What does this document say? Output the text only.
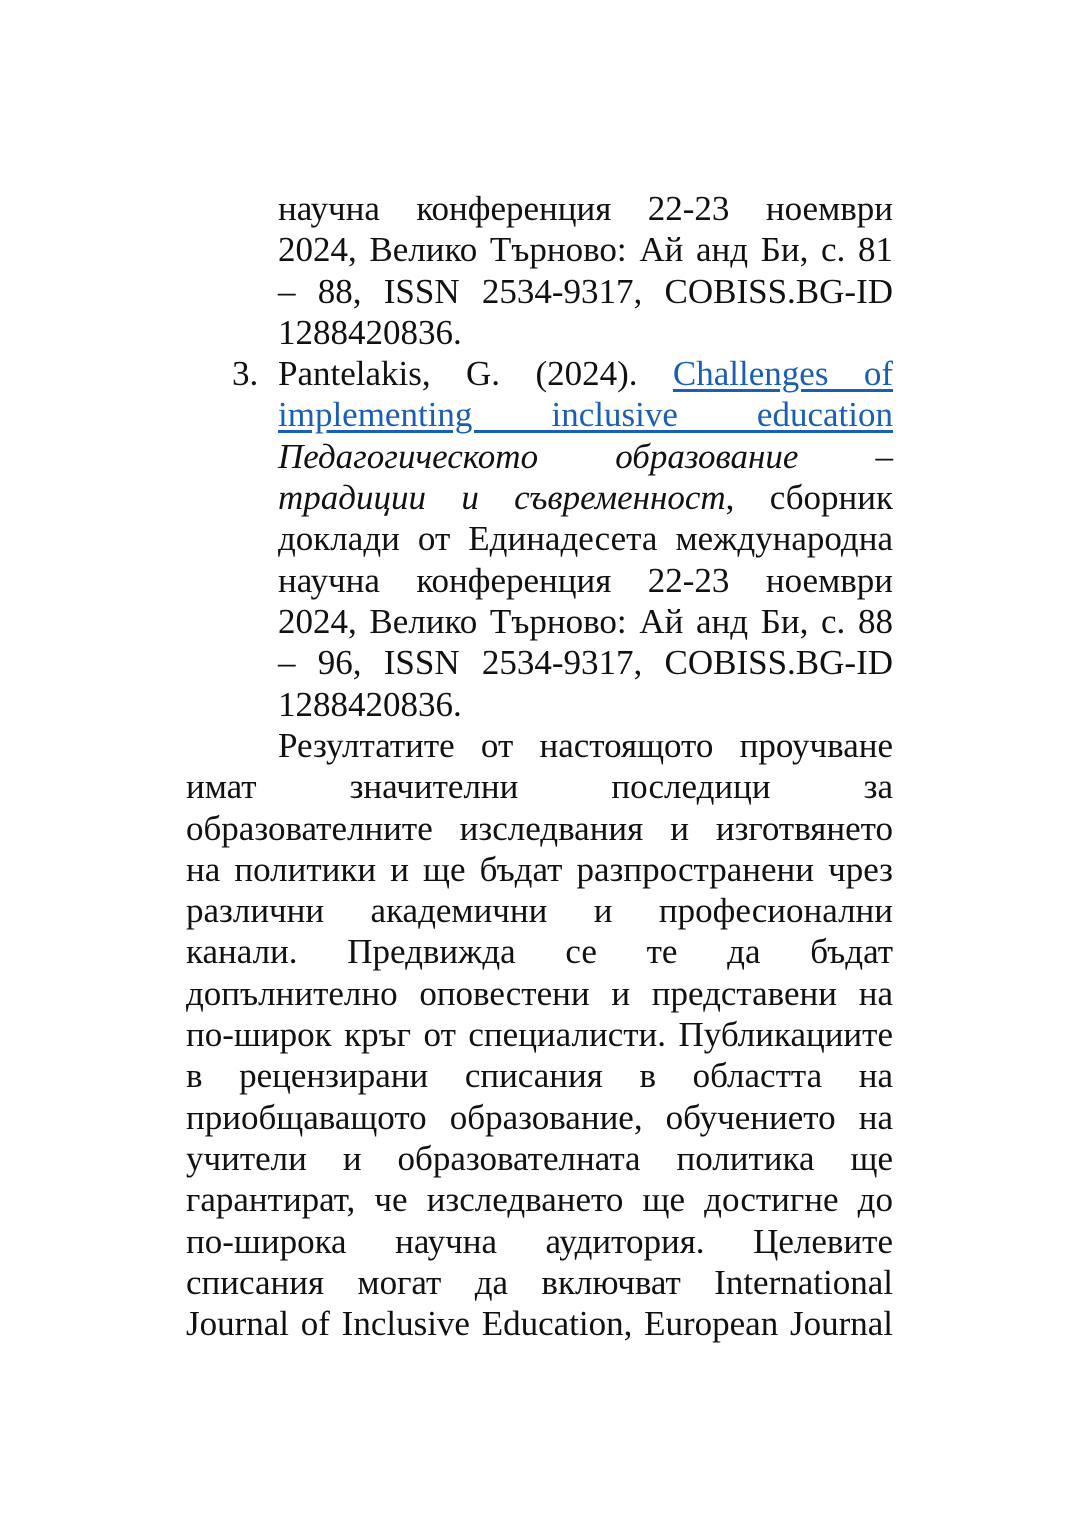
научна конференция 22-23 ноември
2024, Велико Търново: Ай анд Би, с. 81
– 88, ISSN 2534-9317, COBISS.BG-ID
1288420836.
3. Pantelakis, G. (2024). Challenges of
implementing inclusive education
Педагогическото образование –
традиции и съвременност, сборник
доклади от Единадесета международна
научна конференция 22-23 ноември
2024, Велико Търново: Ай анд Би, с. 88
– 96, ISSN 2534-9317, COBISS.BG-ID
1288420836.
Резултатите от настоящото проучване
имат значителни последици за
образователните изследвания и изготвянето
на политики и ще бъдат разпространени чрез
различни академични и професионални
канали. Предвижда се те да бъдат
допълнително оповестени и представени на
по-широк кръг от специалисти. Публикациите
в рецензирани списания в областта на
приобщаващото образование, обучението на
учители и образователната политика ще
гарантират, че изследването ще достигне до
по-широка научна аудитория. Целевите
списания могат да включват International
Journal of Inclusive Education, European Journal
